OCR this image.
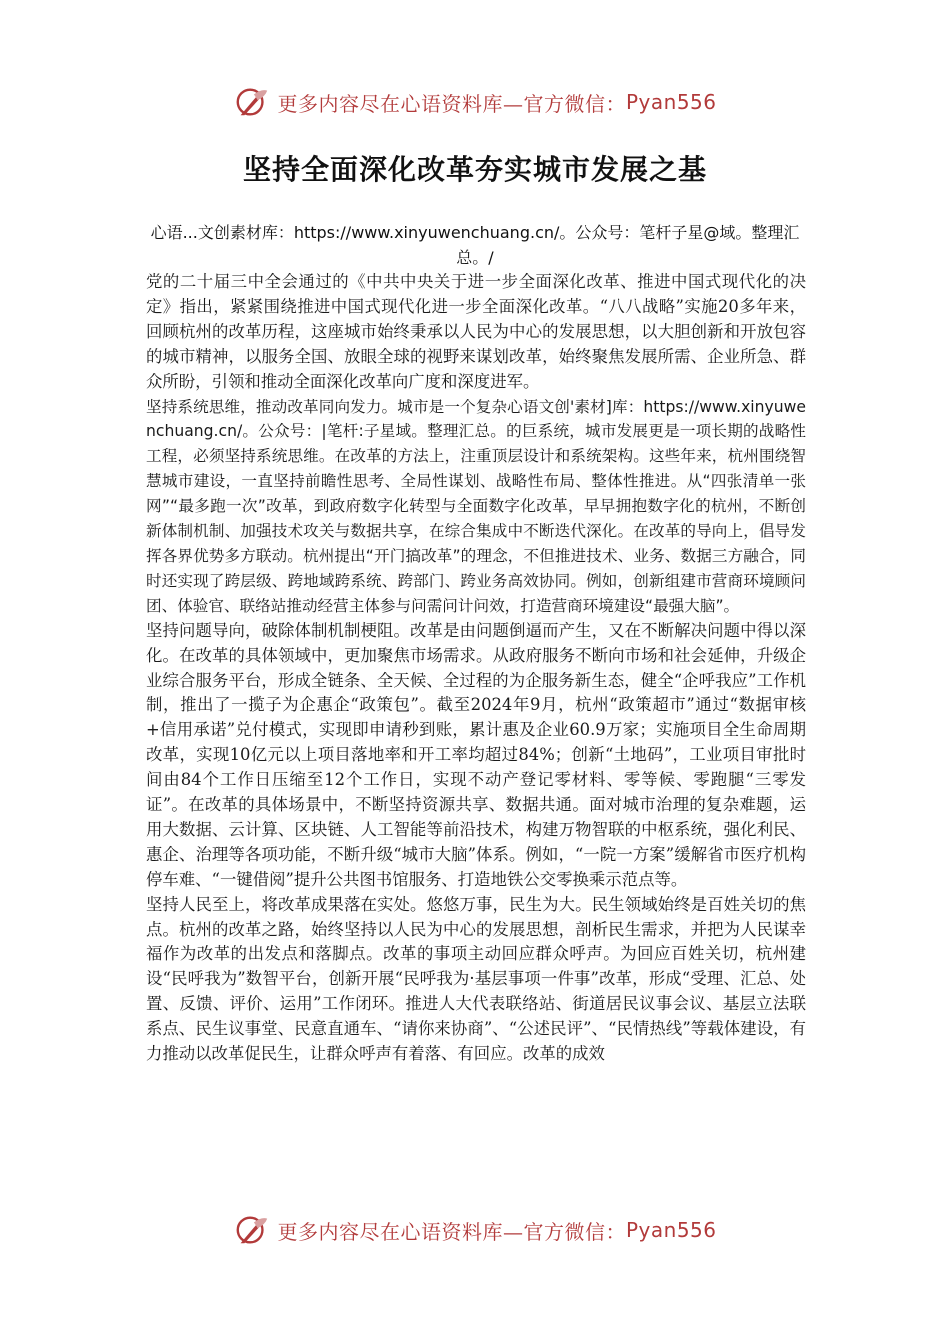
更多内容尽在心语资料库—官方微信： Pyan556
坚持全面深化改革夯实城市发展之基
心语...文创素材库：https://www.xinyuwenchuang.cn/。公众号：笔杆子星@域。整理汇总。/

党的二十届三中全会通过的《中共中央关于进一步全面深化改革、推进中国式现代化的决定》指出，紧紧围绕推进中国式现代化进一步全面深化改革。“八八战略”实施20多年来，回顾杭州的改革历程，这座城市始终秉承以人民为中心的发展思想，以大胆创新和开放包容的城市精神，以服务全国、放眼全球的视野来谋划改革，始终聚焦发展所需、企业所急、群众所盼，引领和推动全面深化改革向广度和深度进军。

坚持系统思维，推动改革同向发力。城市是一个复杂心语文创'素材]库：https://www.xinyuwenchuang.cn/。公众号：|笔杆:子星域。整理汇总。的巨系统，城市发展更是一项长期的战略性工程，必须坚持系统思维。在改革的方法上，注重顶层设计和系统架构。这些年来，杭州围绕智慧城市建设，一直坚持前瞻性思考、全局性谋划、战略性布局、整体性推进。从“四张清单一张网”“最多跑一次”改革，到政府数字化转型与全面数字化改革，早早拥抱数字化的杭州，不断创新体制机制、加强技术攻关与数据共享，在综合集成中不断迭代深化。在改革的导向上，倡导发挥各界优势多方联动。杭州提出“开门搞改革”的理念，不但推进技术、业务、数据三方融合，同时还实现了跨层级、跨地域跨系统、跨部门、跨业务高效协同。例如，创新组建市营商环境顾问团、体验官、联络站推动经营主体参与问需问计问效，打造营商环境建设“最强大脑”。

坚持问题导向，破除体制机制梗阻。改革是由问题倒逼而产生，又在不断解决问题中得以深化。在改革的具体领域中，更加聚焦市场需求。从政府服务不断向市场和社会延伸，升级企业综合服务平台，形成全链条、全天候、全过程的为企服务新生态，健全“企呼我应”工作机制，推出了一揽子为企惠企“政策包”。截至2024年9月，杭州“政策超市”通过“数据审核+信用承诺”兑付模式，实现即申请秒到账，累计惠及企业60.9万家；实施项目全生命周期改革，实现10亿元以上项目落地率和开工率均超过84%；创新“土地码”，工业项目审批时间由84个工作日压缩至12个工作日，实现不动产登记零材料、零等候、零跑腿“三零发证”。在改革的具体场景中，不断坚持资源共享、数据共通。面对城市治理的复杂难题，运用大数据、云计算、区块链、人工智能等前沿技术，构建万物智联的中枢系统，强化利民、惠企、治理等各项功能，不断升级“城市大脑”体系。例如，“一院一方案”缓解省市医疗机构停车难、“一键借阅”提升公共图书馆服务、打造地铁公交零换乘示范点等。

坚持人民至上，将改革成果落在实处。悠悠万事，民生为大。民生领域始终是百姓关切的焦点。杭州的改革之路，始终坚持以人民为中心的发展思想，剖析民生需求，并把为人民谋幸福作为改革的出发点和落脚点。改革的事项主动回应群众呼声。为回应百姓关切，杭州建设“民呼我为”数智平台，创新开展“民呼我为·基层事项一件事”改革，形成“受理、汇总、处置、反馈、评价、运用”工作闭环。推进人大代表联络站、街道居民议事会议、基层立法联系点、民生议事堂、民意直通车、“请你来协商”、“公述民评”、“民情热线”等载体建设，有力推动以改革促民生，让群众呼声有着落、有回应。改革的成效

更多内容尽在心语资料库—官方微信： Pyan556
